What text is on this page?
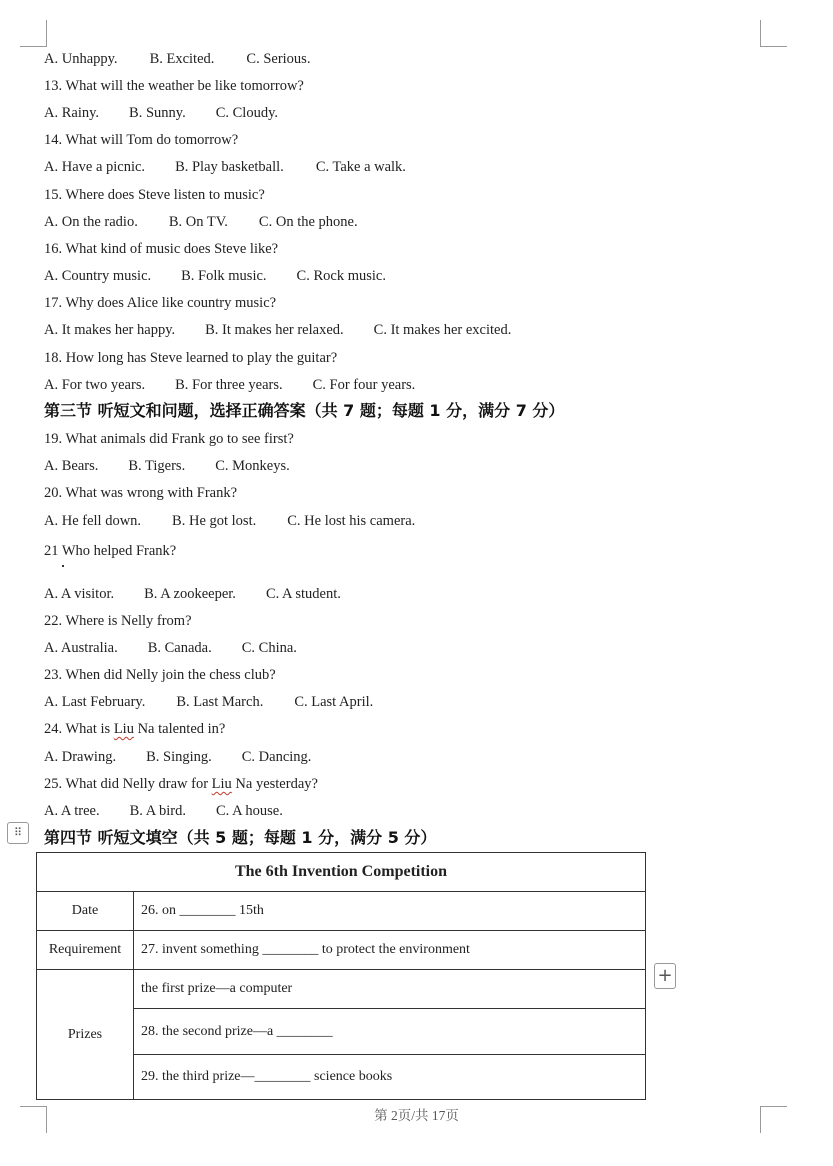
A. Unhappy. B. Excited. C. Serious.
13. What will the weather be like tomorrow?
A. Rainy. B. Sunny. C. Cloudy.
14. What will Tom do tomorrow?
A. Have a picnic. B. Play basketball. C. Take a walk.
15. Where does Steve listen to music?
A. On the radio. B. On TV. C. On the phone.
16. What kind of music does Steve like?
A. Country music. B. Folk music. C. Rock music.
17. Why does Alice like country music?
A. It makes her happy. B. It makes her relaxed. C. It makes her excited.
18. How long has Steve learned to play the guitar?
A. For two years. B. For three years. C. For four years.
19. What animals did Frank go to see first?
A. Bears. B. Tigers. C. Monkeys.
20. What was wrong with Frank?
A. He fell down. B. He got lost. C. He lost his camera.
21 Who helped Frank?
A. A visitor. B. A zookeeper. C. A student.
22. Where is Nelly from?
A. Australia. B. Canada. C. China.
23. When did Nelly join the chess club?
A. Last February. B. Last March. C. Last April.
24. What is Liu Na talented in?
A. Drawing. B. Singing. C. Dancing.
25. What did Nelly draw for Liu Na yesterday?
A. A tree. B. A bird. C. A house.
第三节 听短文和问题，选择正确答案（共 7 题；每题 1 分，满分 7 分）
第四节 听短文填空（共 5 题；每题 1 分，满分 5 分）
⠿
The 6th Invention Competition	
Date	26. on ________ 15th
Requirement	27. invent something ________ to protect the environment
Prizes	the first prize—a computer
	28. the second prize—a ________
	29. the third prize—________ science books
+
第 2页/共 17页
